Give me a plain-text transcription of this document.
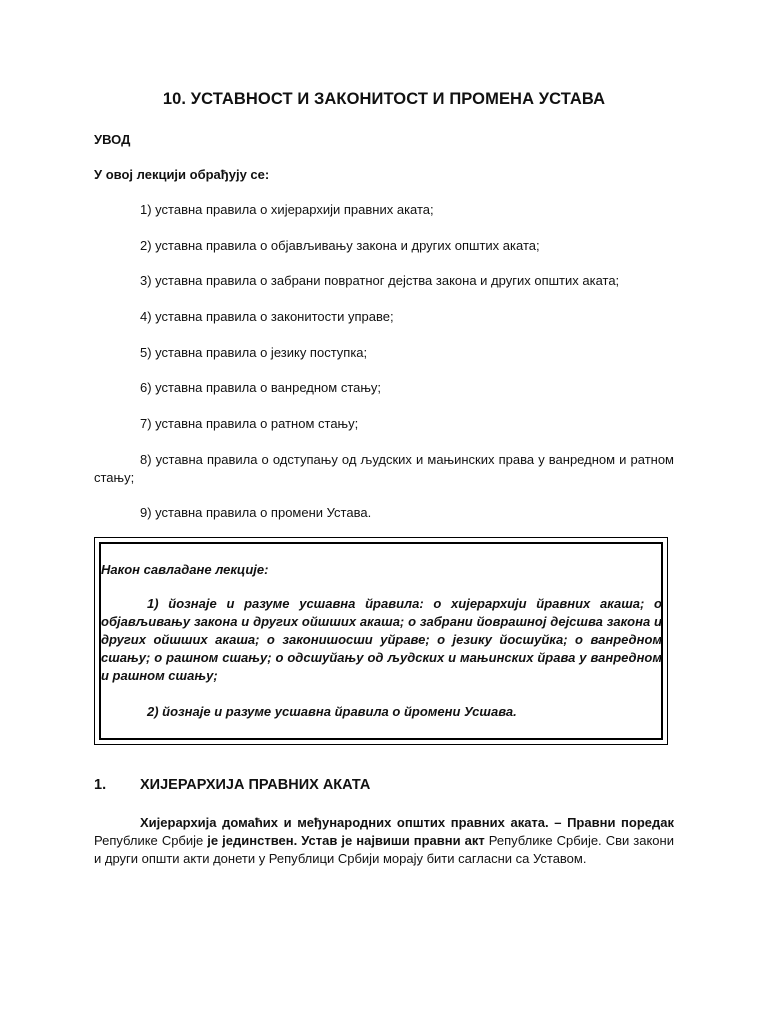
10. УСТАВНОСТ И ЗАКОНИТОСТ И ПРОМЕНА УСТАВА
УВОД
У овој лекцији обрађују се:
1) уставна правила о хијерархији правних аката;
2) уставна правила о објављивању закона и других општих аката;
3) уставна правила о забрани повратног дејства закона и других општих аката;
4) уставна правила о законитости управе;
5) уставна правила о језику поступка;
6) уставна правила о ванредном стању;
7) уставна правила о ратном стању;
8) уставна правила о одступању од људских и мањинских права у ванредном и ратном стању;
9) уставна правила о промени Устава.
Након савладане лекције:
1) йознаје и разуме усшавна йравила: о хијерархији йравних акаша; о објављивању закона и других ойшших акаша; о забрани йоврашној дејсшва закона и других ойшших акаша; о законишосши уйраве; о језику йосшуйка; о ванредном сшању; о рашном сшању; о одсшуйању од људских и мањинских йрава у ванредном и рашном сшању;
2) йознаје и разуме усшавна йравила о йромени Усшава.
1. ХИЈЕРАРХИЈА ПРАВНИХ АКАТА
Хијерархија домаћих и међународних општих правних аката. – Правни поредак Републике Србије је јединствен. Устав је највиши правни акт Републике Србије. Сви закони и други општи акти донети у Републици Србији морају бити сагласни са Уставом.
